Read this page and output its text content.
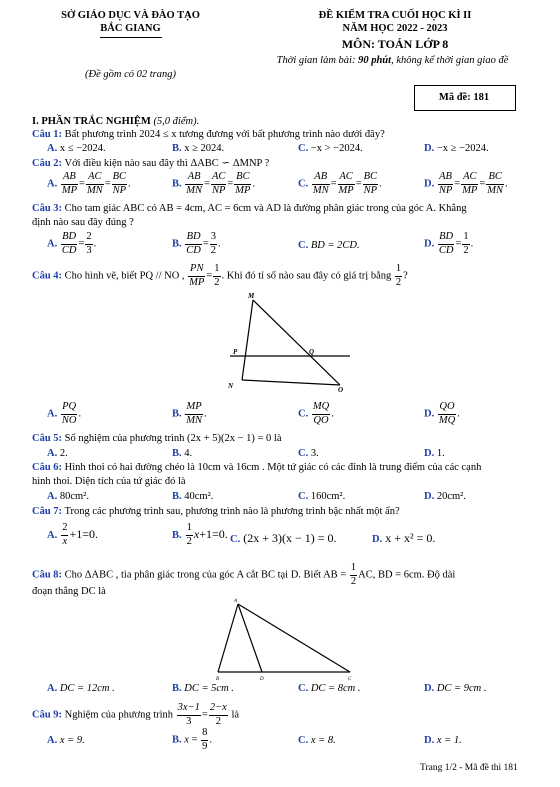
SỞ GIÁO DỤC VÀ ĐÀO TẠO
BẮC GIANG
(Đề gồm có 02 trang)
ĐỀ KIỂM TRA CUỐI HỌC KÌ II
NĂM HỌC 2022 - 2023
MÔN: TOÁN LỚP 8
Thời gian làm bài: 90 phút, không kể thời gian giao đề
Mã đề: 181
I. PHẦN TRẮC NGHIỆM (5,0 điểm).
Câu 1: Bất phương trình 2024 ≤ x tương đương với bất phương trình nào dưới đây?
A. x ≤ −2024.	B. x ≥ 2024.	C. −x > −2024.	D. −x ≥ −2024.
Câu 2: Với điều kiện nào sau đây thì ΔABC ∽ ΔMNP ?
A. $\frac{AB}{MP} = \frac{AC}{MN} = \frac{BC}{NP}$ .	B. $\frac{AB}{MN} = \frac{AC}{NP} = \frac{BC}{MP}$ .	C. $\frac{AB}{MN} = \frac{AC}{MP} = \frac{BC}{NP}$ .	D. $\frac{AB}{NP} = \frac{AC}{MP} = \frac{BC}{MN}$ .
Câu 3: Cho tam giác ABC có AB = 4cm, AC = 6cm và AD là đường phân giác trong của góc A. Khẳng
định nào sau đây đúng ?
A. $\frac{BD}{CD} = \frac{2}{3}$ .	B. $\frac{BD}{CD} = \frac{3}{2}$ .	C. BD = 2CD.	D. $\frac{BD}{CD} = \frac{1}{2}$ .
Câu 4: Cho hình vẽ, biết PQ // NO , $\frac{PN}{MP} = \frac{1}{2}$ . Khi đó tỉ số nào sau đây có giá trị bằng $\frac{1}{2}$ ?
M
P	Q
N	O
A. $\frac{PQ}{NO}$ .	B. $\frac{MP}{MN}$ .	C. $\frac{MQ}{QO}$ .	D. $\frac{QO}{MQ}$ .
Câu 5: Số nghiệm của phương trình (2x + 5)(2x − 1) = 0 là
A. 2.	B. 4.	C. 3.	D. 1.
Câu 6: Hình thoi có hai đường chéo là 10cm và 16cm . Một tứ giác có các đỉnh là trung điểm của các cạnh
hình thoi. Diện tích của tứ giác đó là
A. 80cm².	B. 40cm².	C. 160cm².	D. 20cm².
Câu 7: Trong các phương trình sau, phương trình nào là phương trình bậc nhất một ẩn?
A. $\frac{2}{x} +1=0$.	B. $\frac{1}{2} x+1=0$. C. (2x + 3)(x − 1) = 0.	D. x + x² = 0.
Câu 8: Cho ΔABC , tia phân giác trong của góc A cắt BC tại D. Biết AB = $\frac{1}{2}$ AC, BD = 6cm. Độ dài
đoạn thẳng DC là
A
B	D	C
A. DC = 12cm .	B. DC = 5cm .	C. DC = 8cm .	D. DC = 9cm .
Câu 9: Nghiệm của phương trình $\frac{3x-1}{3} = \frac{2-x}{2}$ là
A. x = 9.	B. $x = \frac{8}{9}$ .	C. x = 8.	D. x = 1.
Trang 1/2 - Mã đề thi 181
